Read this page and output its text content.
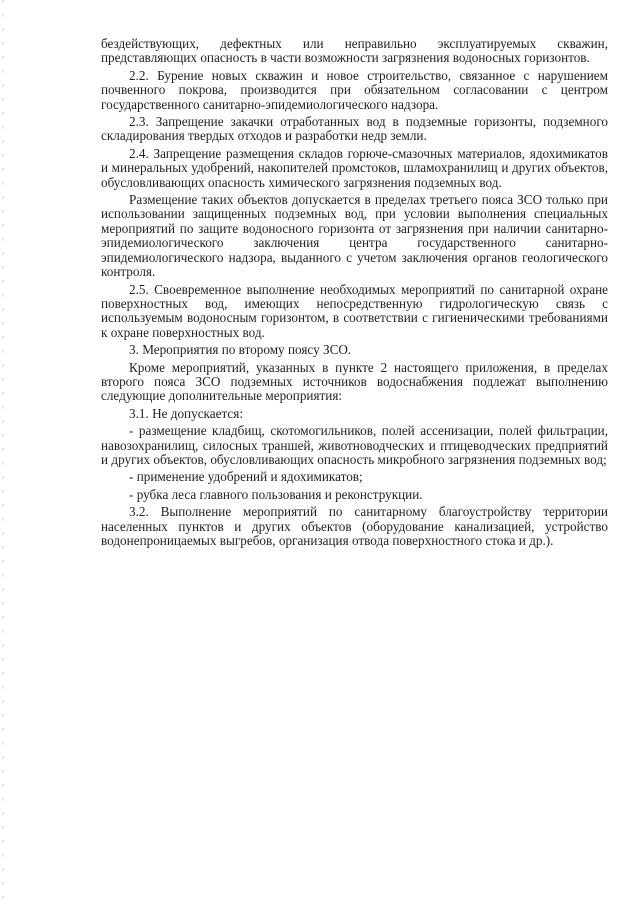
бездействующих, дефектных или неправильно эксплуатируемых скважин, представляющих опасность в части возможности загрязнения водоносных горизонтов.

2.2. Бурение новых скважин и новое строительство, связанное с нарушением почвенного покрова, производится при обязательном согласовании с центром государственного санитарно-эпидемиологического надзора.

2.3. Запрещение закачки отработанных вод в подземные горизонты, подземного складирования твердых отходов и разработки недр земли.

2.4. Запрещение размещения складов горюче-смазочных материалов, ядохимикатов и минеральных удобрений, накопителей промстоков, шламохранилищ и других объектов, обусловливающих опасность химического загрязнения подземных вод.

Размещение таких объектов допускается в пределах третьего пояса ЗСО только при использовании защищенных подземных вод, при условии выполнения специальных мероприятий по защите водоносного горизонта от загрязнения при наличии санитарно-эпидемиологического заключения центра государственного санитарно-эпидемиологического надзора, выданного с учетом заключения органов геологического контроля.

2.5. Своевременное выполнение необходимых мероприятий по санитарной охране поверхностных вод, имеющих непосредственную гидрологическую связь с используемым водоносным горизонтом, в соответствии с гигиеническими требованиями к охране поверхностных вод.

3. Мероприятия по второму поясу ЗСО.

Кроме мероприятий, указанных в пункте 2 настоящего приложения, в пределах второго пояса ЗСО подземных источников водоснабжения подлежат выполнению следующие дополнительные мероприятия:

3.1. Не допускается:

- размещение кладбищ, скотомогильников, полей ассенизации, полей фильтрации, навозохранилищ, силосных траншей, животноводческих и птицеводческих предприятий и других объектов, обусловливающих опасность микробного загрязнения подземных вод;

- применение удобрений и ядохимикатов;

- рубка леса главного пользования и реконструкции.

3.2. Выполнение мероприятий по санитарному благоустройству территории населенных пунктов и других объектов (оборудование канализацией, устройство водонепроницаемых выгребов, организация отвода поверхностного стока и др.).
